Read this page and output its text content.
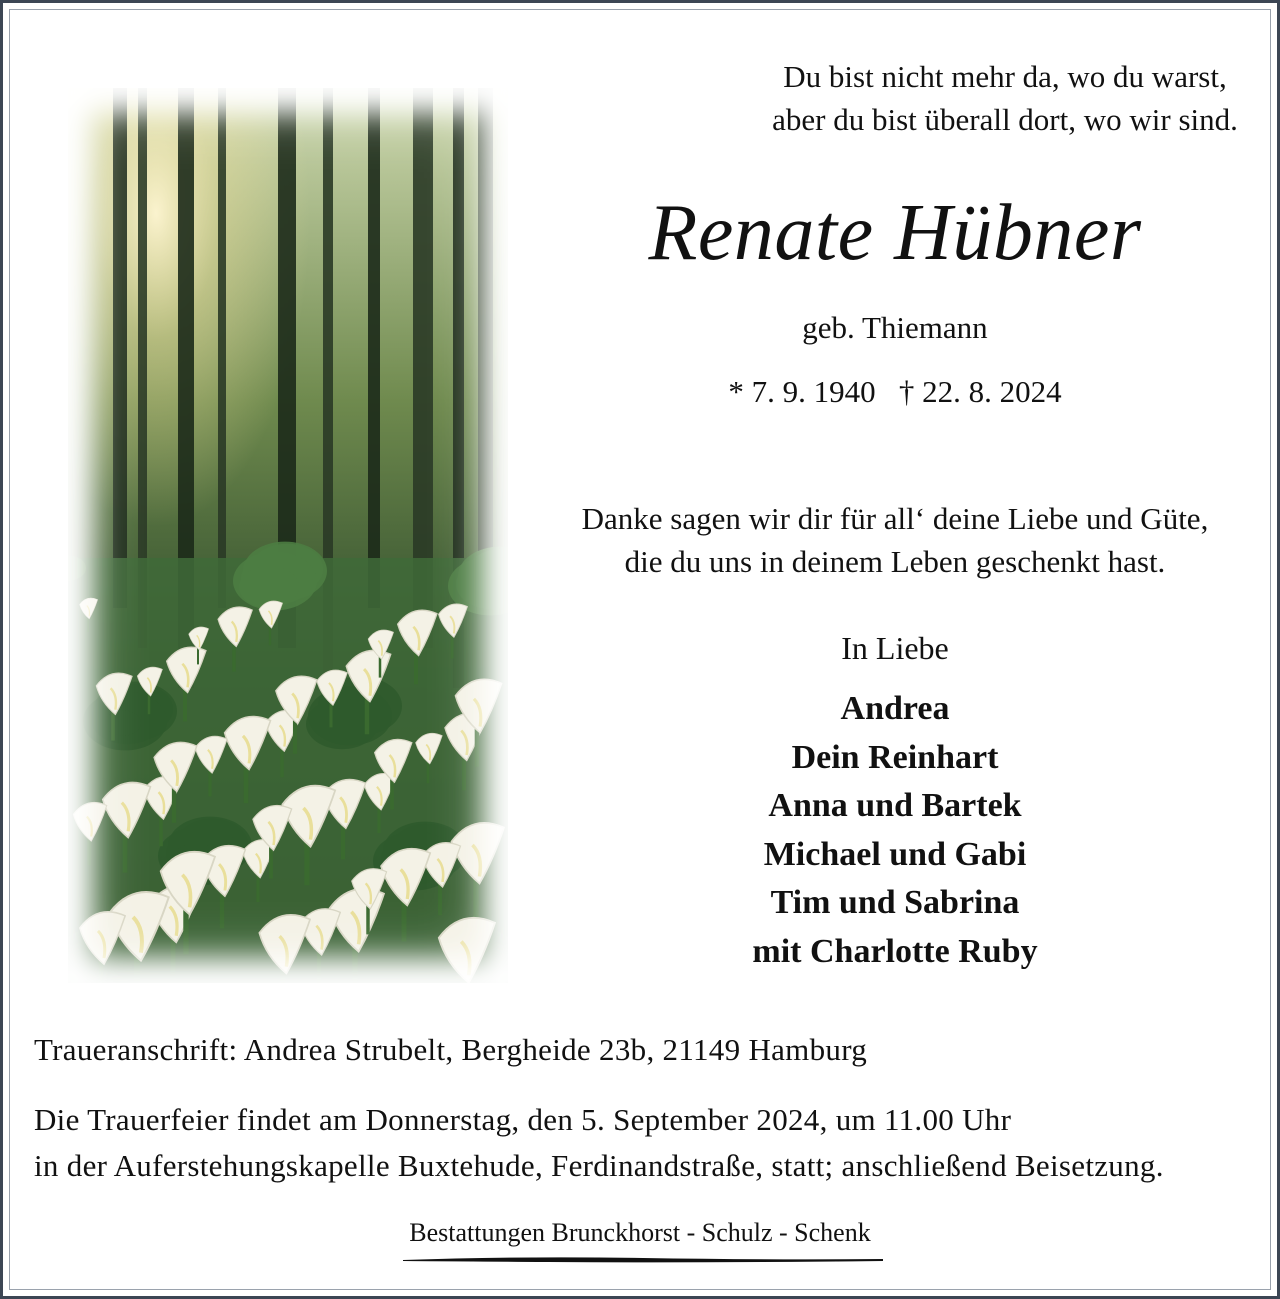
Du bist nicht mehr da, wo du warst,
aber du bist überall dort, wo wir sind.
Renate Hübner
geb. Thiemann
* 7. 9. 1940 † 22. 8. 2024
Danke sagen wir dir für all‘ deine Liebe und Güte,
die du uns in deinem Leben geschenkt hast.
In Liebe
Andrea
Dein Reinhart
Anna und Bartek
Michael und Gabi
Tim und Sabrina
mit Charlotte Ruby
Traueranschrift: Andrea Strubelt, Bergheide 23b, 21149 Hamburg
Die Trauerfeier findet am Donnerstag, den 5. September 2024, um 11.00 Uhr
in der Auferstehungskapelle Buxtehude, Ferdinandstraße, statt; anschließend Beisetzung.
Bestattungen Brunckhorst - Schulz - Schenk
